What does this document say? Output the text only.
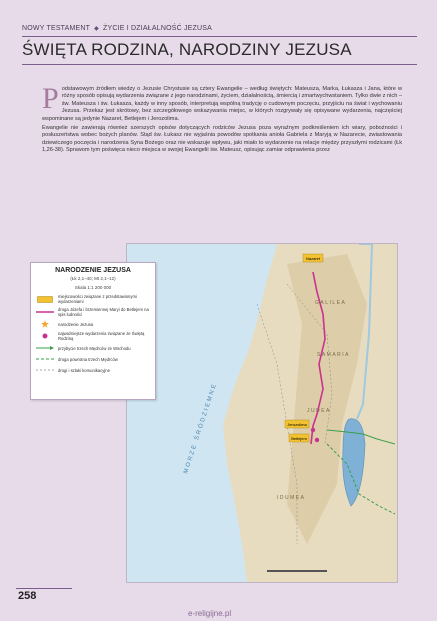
NOWY TESTAMENT ◆ ŻYCIE I DZIAŁALNOŚĆ JEZUSA
ŚWIĘTA RODZINA, NARODZINY JEZUSA

P odstawowym źródłem wiedzy o Jezusie Chrystusie są cztery Ewangelie – według świętych: Mateusza, Marka, Łukasza i Jana, które w różny sposób opisują wydarzenia związane z jego narodzinami, życiem, działalnością, śmiercią i zmartwychwstaniem. Tylko dwie z nich – św. Mateusza i św. Łukasza, każdy w inny sposób, interpretują wspólną tradycję o cudownym poczęciu, przyjściu na świat i wychowaniu Jezusa. Przekaz jest skrótowy, bez szczegółowego wskazywania miejsc, w których rozgrywały się opisywane wydarzenia, najczęściej wspominane są jedynie Nazaret, Betlejem i Jerozolima.

Ewangelie nie zawierają również szerszych opisów dotyczących rodziców Jezusa poza wyraźnym podkreśleniem ich wiary, pobożności i posłuszeństwa wobec bożych planów. Stąd św. Łukasz nie wyjaśnia powodów spotkania anioła Gabriela z Maryją w Nazarecie, zwiastowania dziewiczego poczęcia i narodzenia Syna Bożego oraz nie wskazuje wpływu, jaki miało to wydarzenie na relacje między przyszłymi rodzicami (Łk 1,26-38). Sprawom tym poświęca nieco miejsca w swojej Ewangelii św. Mateusz, opisując zamiar odprawienia przez

Nazaret
Jerozolima
Betlejem
GALILEA
SAMARIA
JUDEA
IDUMEA
MORZE ŚRÓDZIEMNE
NARODZENIE JEZUSA
(Łk 2,1–40; Mt 2,1–12)
Skala 1:1 200 000
miejscowości związane z przedstawionymi wydarzeniami
droga Józefa i brzemiennej Maryi do Betlejem na spis ludności
narodzenie Jezusa
najważniejsze wydarzenia związane ze Świętą Rodziną
przybycie trzech Mędrców ze Wschodu
droga powrotna trzech Mędrców
drogi i szlaki komunikacyjne
258
e-religijne.pl
